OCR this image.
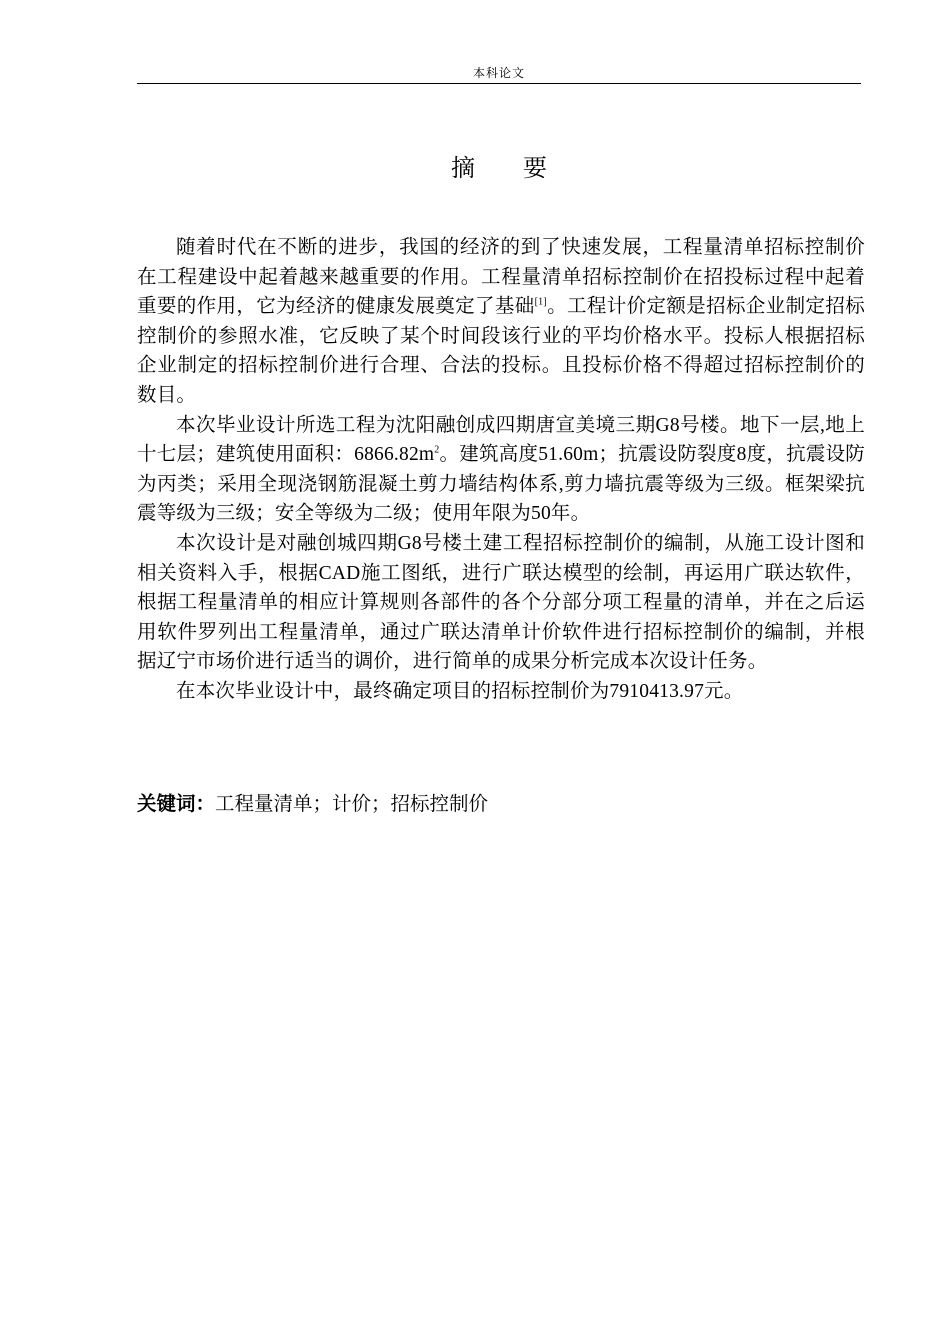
本科论文
摘　　要

随着时代在不断的进步，我国的经济的到了快速发展，工程量清单招标控制价在工程建设中起着越来越重要的作用。工程量清单招标控制价在招投标过程中起着重要的作用，它为经济的健康发展奠定了基础[1]。工程计价定额是招标企业制定招标控制价的参照水准，它反映了某个时间段该行业的平均价格水平。投标人根据招标企业制定的招标控制价进行合理、合法的投标。且投标价格不得超过招标控制价的数目。

本次毕业设计所选工程为沈阳融创成四期唐宣美境三期G8号楼。地下一层,地上十七层；建筑使用面积：$6866.82m^2$。建筑高度51.60m；抗震设防裂度8度，抗震设防为丙类；采用全现浇钢筋混凝土剪力墙结构体系,剪力墙抗震等级为三级。框架梁抗震等级为三级；安全等级为二级；使用年限为50年。

本次设计是对融创城四期G8号楼土建工程招标控制价的编制，从施工设计图和相关资料入手，根据CAD施工图纸，进行广联达模型的绘制，再运用广联达软件，根据工程量清单的相应计算规则各部件的各个分部分项工程量的清单，并在之后运用软件罗列出工程量清单，通过广联达清单计价软件进行招标控制价的编制，并根据辽宁市场价进行适当的调价，进行简单的成果分析完成本次设计任务。

在本次毕业设计中，最终确定项目的招标控制价为7910413.97元。

关键词：工程量清单；计价；招标控制价
